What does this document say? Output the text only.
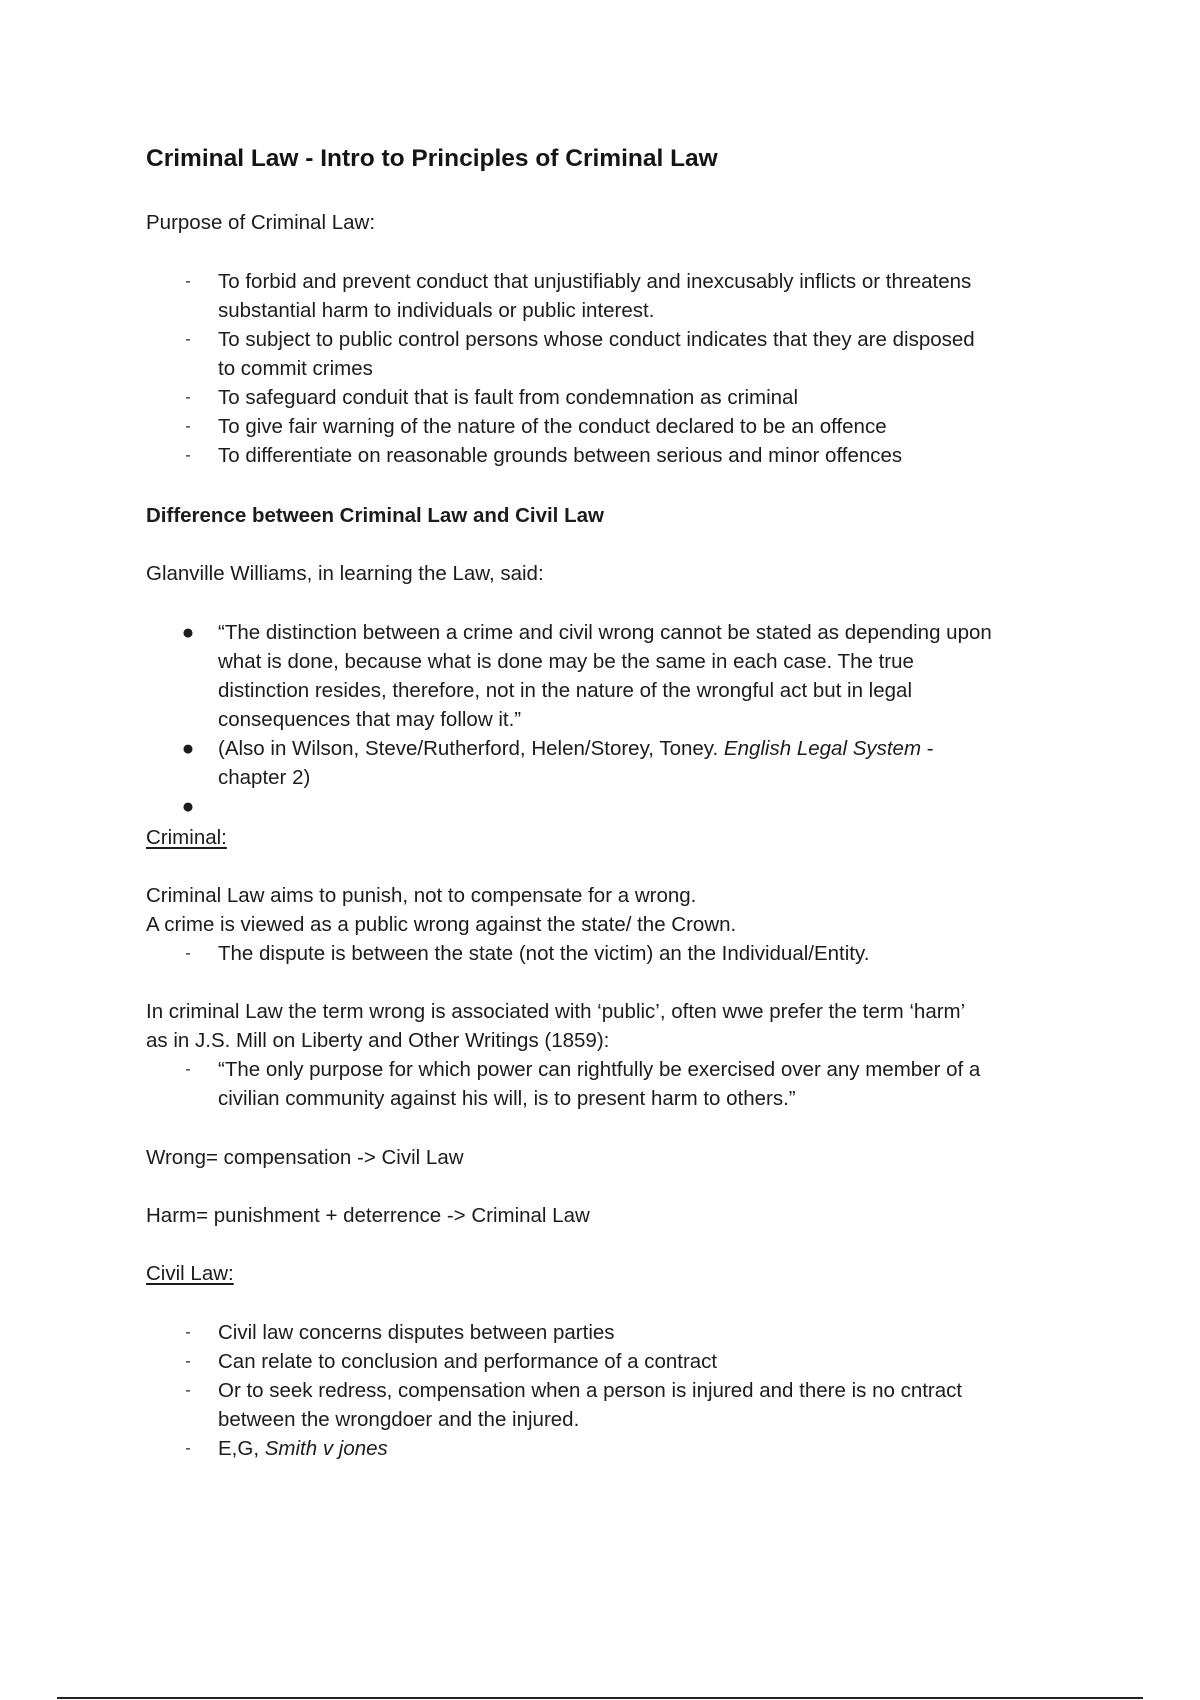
Criminal Law - Intro to Principles of Criminal Law

Purpose of Criminal Law:

- To forbid and prevent conduct that unjustifiably and inexcusably inflicts or threatens
substantial harm to individuals or public interest.
- To subject to public control persons whose conduct indicates that they are disposed
to commit crimes
- To safeguard conduit that is fault from condemnation as criminal
- To give fair warning of the nature of the conduct declared to be an offence
- To differentiate on reasonable grounds between serious and minor offences

Difference between Criminal Law and Civil Law

Glanville Williams, in learning the Law, said:

● “The distinction between a crime and civil wrong cannot be stated as depending upon
what is done, because what is done may be the same in each case. The true
distinction resides, therefore, not in the nature of the wrongful act but in legal
consequences that may follow it.”
● (Also in Wilson, Steve/Rutherford, Helen/Storey, Toney. English Legal System -
chapter 2)
●

Criminal:

Criminal Law aims to punish, not to compensate for a wrong.

A crime is viewed as a public wrong against the state/ the Crown.

- The dispute is between the state (not the victim) an the Individual/Entity.

In criminal Law the term wrong is associated with ‘public’, often wwe prefer the term ‘harm’

as in J.S. Mill on Liberty and Other Writings (1859):

- “The only purpose for which power can rightfully be exercised over any member of a
civilian community against his will, is to present harm to others.”

Wrong= compensation -> Civil Law

Harm= punishment + deterrence -> Criminal Law

Civil Law:

- Civil law concerns disputes between parties
- Can relate to conclusion and performance of a contract
- Or to seek redress, compensation when a person is injured and there is no cntract
between the wrongdoer and the injured.
- E,G, Smith v jones
